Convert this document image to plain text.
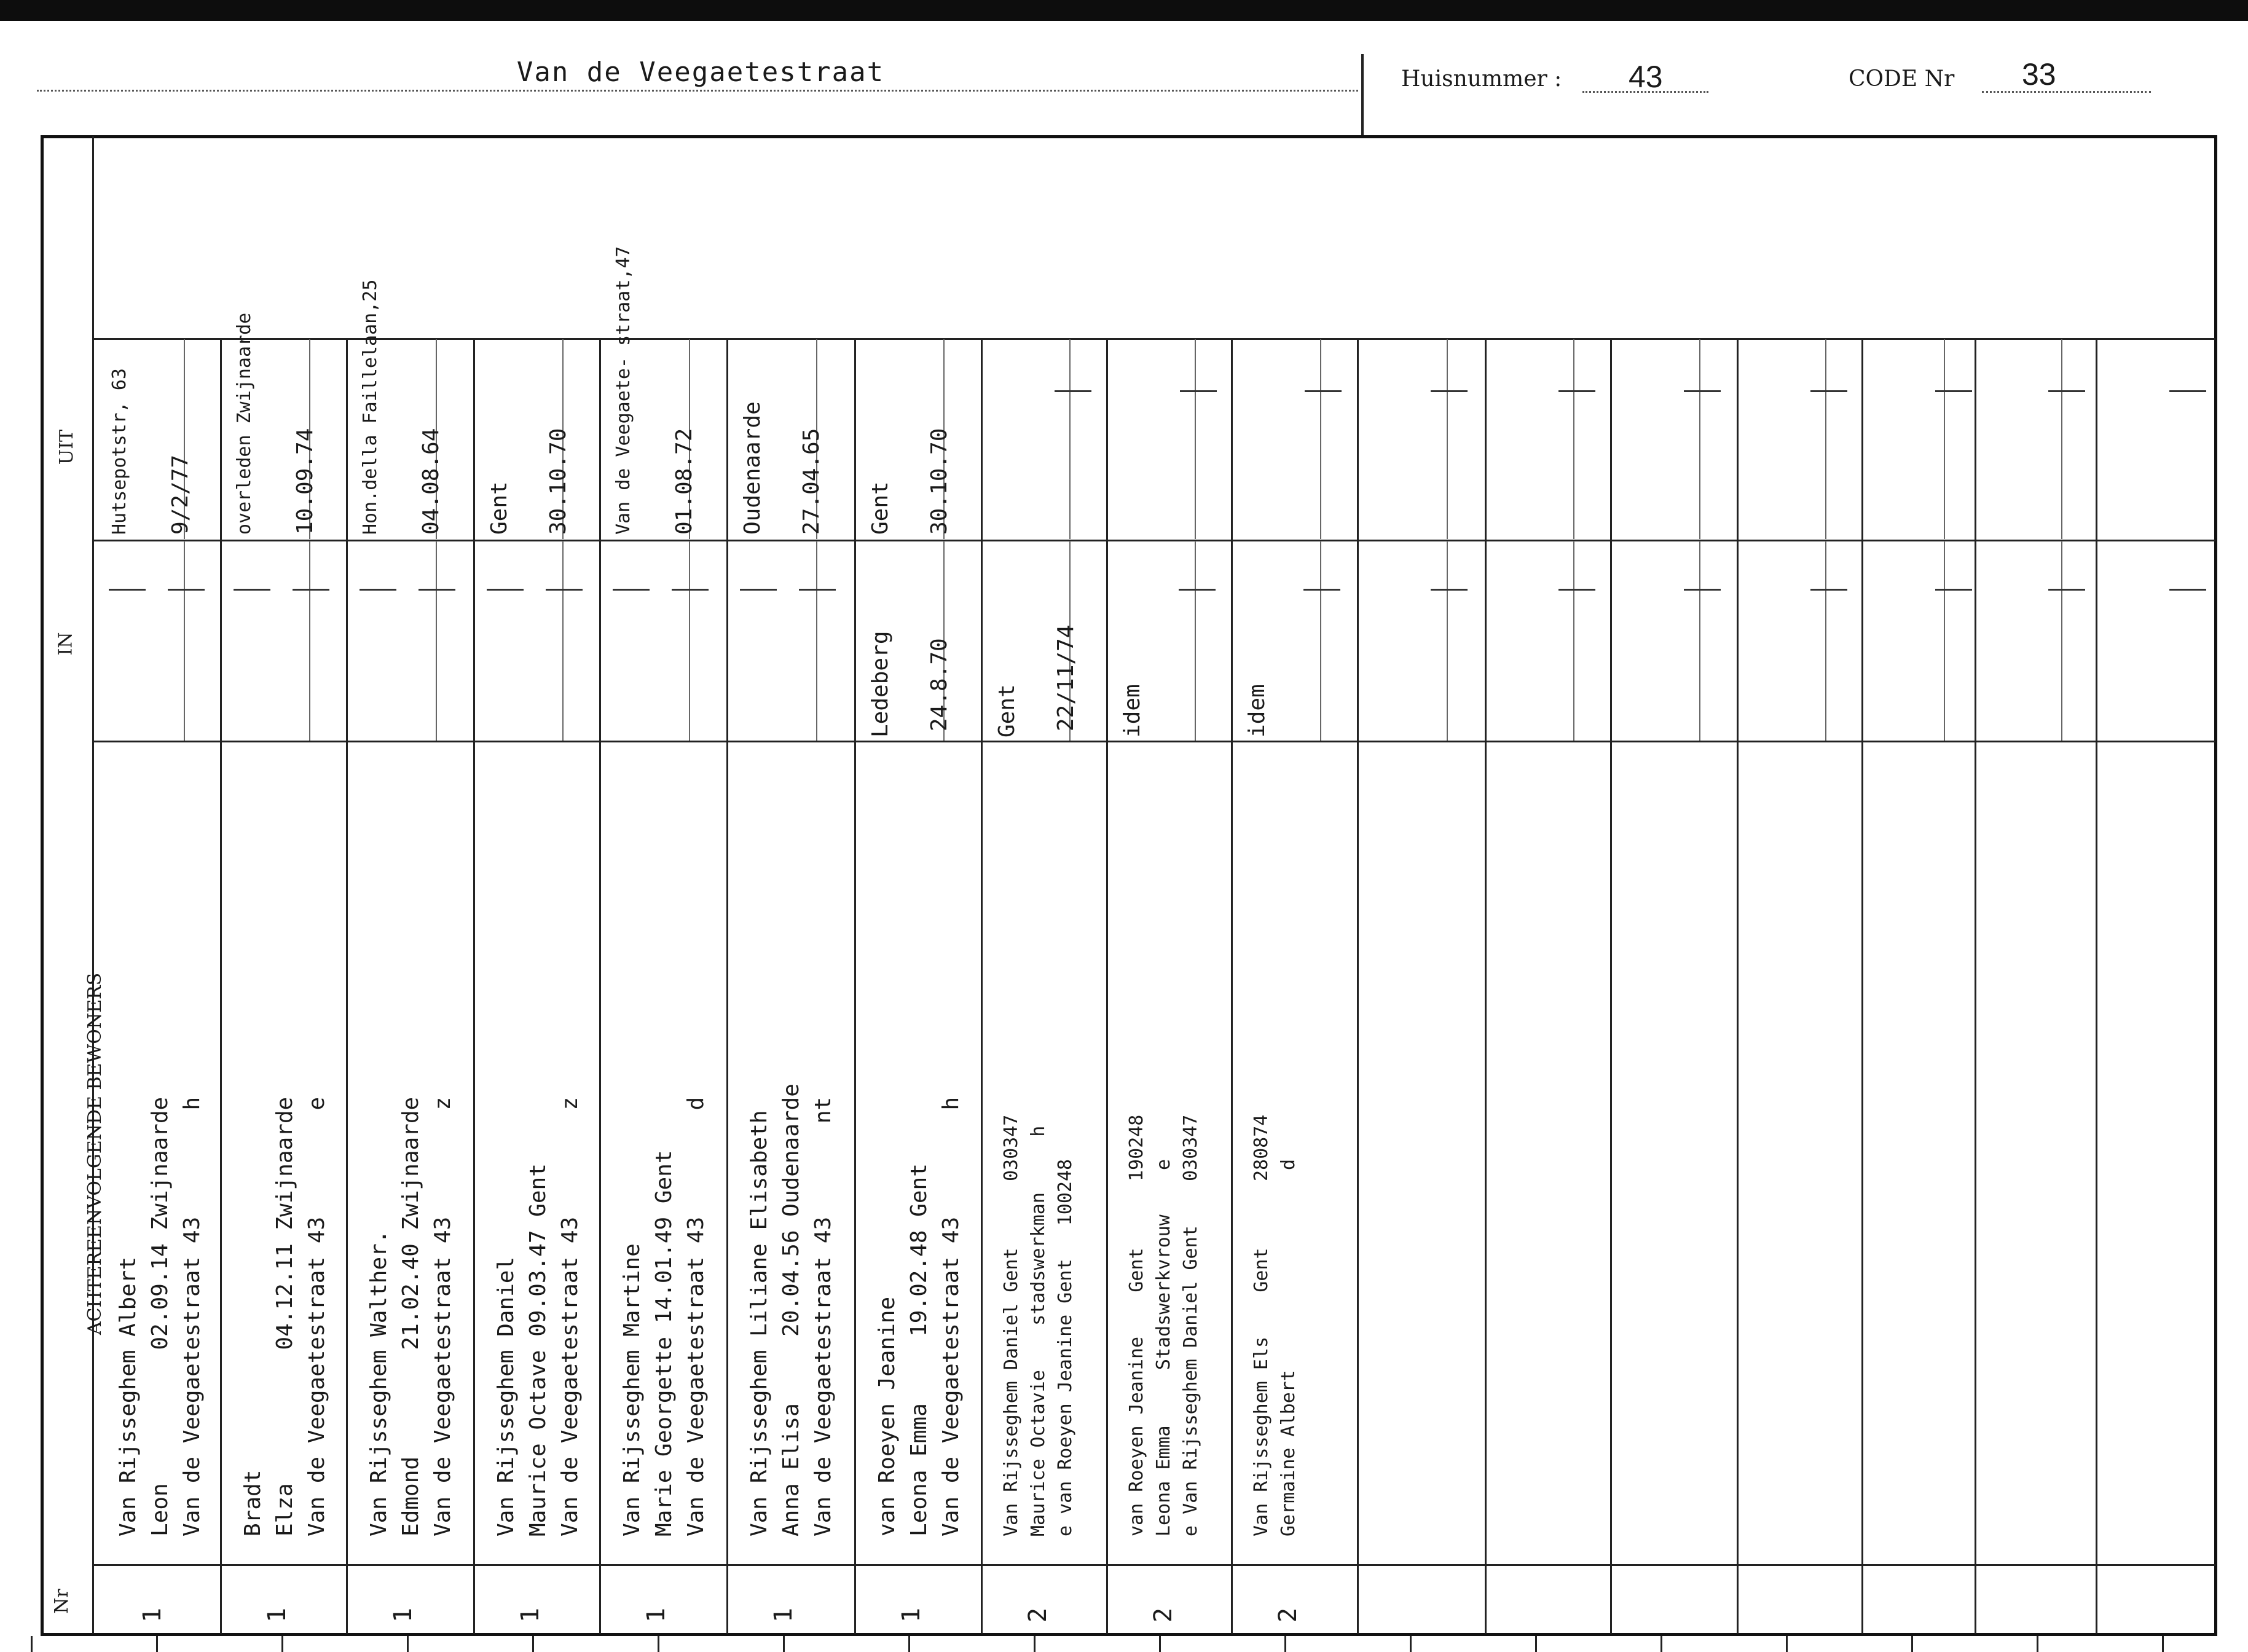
Van de Veegaetestraat	Huisnummer : 43	CODE Nr 33
Nr
ACHTEREENVOLGENDE BEWONERS
IN
UIT
Van Rijsseghem Albert Leon          02.09.14 Zwijnaarde Van de Veegaetestraat 43        h
1
Hutsepotstr, 63 9/2/77
Bradt Elza          04.12.11 Zwijnaarde Van de Veegaetestraat 43        e
1
overleden Zwijnaarde 10.09.74
Van Rijsseghem Walther. Edmond        21.02.40 Zwijnaarde Van de Veegaetestraat 43        z
1
Hon.della Faillelaan,25 04.08.64
Van Rijsseghem Daniel Maurice Octave 09.03.47 Gent Van de Veegaetestraat 43        z
1
Gent 30.10.70
Van Rijsseghem Martine Marie Georgette 14.01.49 Gent Van de Veegaetestraat 43        d
1
Van de Veegaete- straat,47 01.08.72
Van Rijsseghem Liliane Elisabeth Anna Elisa     20.04.56 Oudenaarde Van de Veegaetestraat 43       nt
1
Oudenaarde 27.04.65
van Roeyen Jeanine Leona Emma     19.02.48 Gent Van de Veegaetestraat 43        h
1
Gent 30.10.70
Ledeberg 24.8.70
Van Rijsseghem Daniel Gent      030347 Maurice Octavie    stadswerkman     h e van Roeyen Jeanine Gent   100248
2
Gent 22/11/74
van Roeyen Jeanine    Gent      190248 Leona Emma     Stadswerkvrouw    e e Van Rijsseghem Daniel Gent    030347
2
idem
Van Rijsseghem Els    Gent      280874 Germaine Albert                  d
2
idem
